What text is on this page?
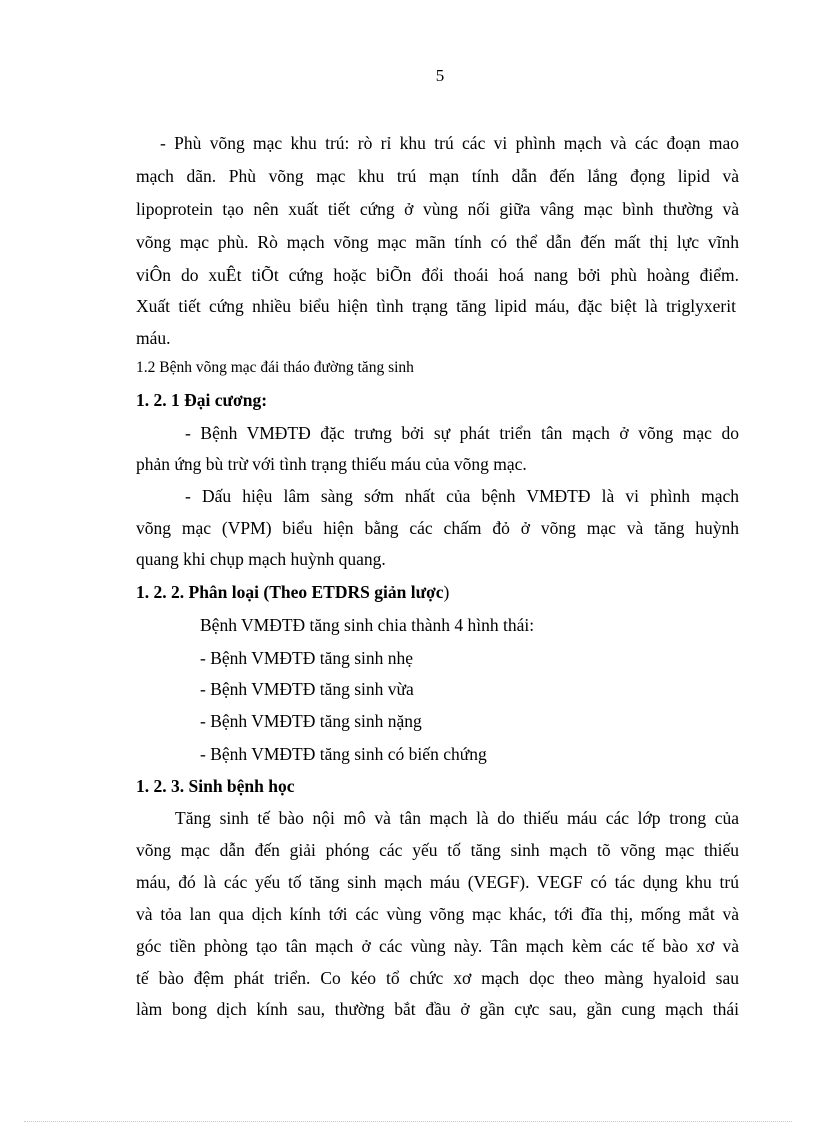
5
- Phù võng mạc khu trú: rò rỉ khu trú các vi phình mạch và các đoạn mao
mạch dãn. Phù võng mạc khu trú mạn tính dẫn đến lắng đọng lipid và
lipoprotein tạo nên xuất tiết cứng ở vùng nối giữa vâng mạc bình thường và
võng mạc phù. Rò mạch võng mạc mãn tính có thể dẫn đến mất thị lực vĩnh
viÔn do xuÊt tiÕt cứng hoặc biÕn đổi thoái hoá nang bởi phù hoàng điểm.
Xuất tiết cứng nhiều biểu hiện tình trạng tăng lipid máu, đặc biệt là triglyxerit
máu.
1.2 Bệnh võng mạc đái tháo đường tăng sinh
1. 2. 1 Đại cương:
- Bệnh VMĐTĐ đặc trưng bởi sự phát triển tân mạch ở võng mạc do
phản ứng bù trừ với tình trạng thiếu máu của võng mạc.
- Dấu hiệu lâm sàng sớm nhất của bệnh VMĐTĐ là vi phình mạch
võng mạc (VPM) biểu hiện bằng các chấm đỏ ở võng mạc và tăng huỳnh
quang khi chụp mạch huỳnh quang.
1. 2. 2. Phân loại (Theo ETDRS giản lược)
Bệnh VMĐTĐ tăng sinh chia thành 4 hình thái:
- Bệnh VMĐTĐ tăng sinh nhẹ
- Bệnh VMĐTĐ tăng sinh vừa
- Bệnh VMĐTĐ tăng sinh nặng
- Bệnh VMĐTĐ tăng sinh có biến chứng
1. 2. 3. Sinh bệnh học
Tăng sinh tế bào nội mô và tân mạch là do thiếu máu các lớp trong của
võng mạc dẫn đến giải phóng các yếu tố tăng sinh mạch tõ võng mạc thiếu
máu, đó là các yếu tố tăng sinh mạch máu (VEGF). VEGF có tác dụng khu trú
và tỏa lan qua dịch kính tới các vùng võng mạc khác, tới đĩa thị, mống mắt và
góc tiền phòng tạo tân mạch ở các vùng này. Tân mạch kèm các tế bào xơ và
tế bào đệm phát triển. Co kéo tổ chức xơ mạch dọc theo màng hyaloid sau
làm bong dịch kính sau, thường bắt đầu ở gần cực sau, gần cung mạch thái
